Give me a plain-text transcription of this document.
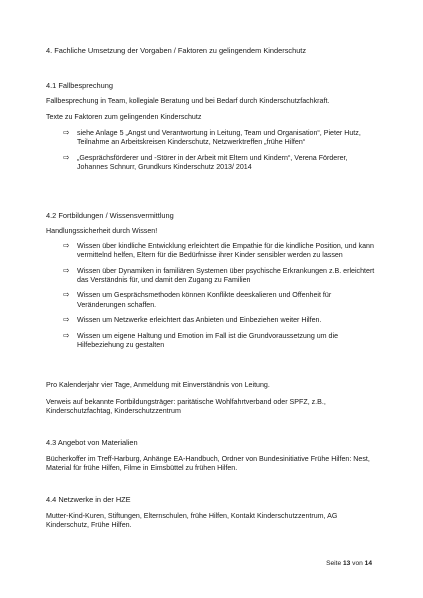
4. Fachliche Umsetzung der Vorgaben / Faktoren zu gelingendem Kinderschutz
4.1 Fallbesprechung

Fallbesprechung in Team, kollegiale Beratung und bei Bedarf durch Kinderschutzfachkraft.

Texte zu Faktoren zum gelingenden Kinderschutz

⇨ siehe Anlage 5 „Angst und Verantwortung in Leitung, Team und Organisation“, Pieter Hutz, Teilnahme an Arbeitskreisen Kinderschutz, Netzwerktreffen „frühe Hilfen“
⇨ „Gesprächsförderer und -Störer in der Arbeit mit Eltern und Kindern“, Verena Förderer, Johannes Schnurr, Grundkurs Kinderschutz 2013/ 2014
4.2 Fortbildungen / Wissensvermittlung

Handlungssicherheit durch Wissen!

⇨ Wissen über kindliche Entwicklung erleichtert die Empathie für die kindliche Position, und kann vermittelnd helfen, Eltern für die Bedürfnisse ihrer Kinder sensibler werden zu lassen
⇨ Wissen über Dynamiken in familiären Systemen über psychische Erkrankungen z.B. erleichtert das Verständnis für, und damit den Zugang zu Familien
⇨ Wissen um Gesprächsmethoden können Konflikte deeskalieren und Offenheit für Veränderungen schaffen.
⇨ Wissen um Netzwerke erleichtert das Anbieten und Einbeziehen weiter Hilfen.
⇨ Wissen um eigene Haltung und Emotion im Fall ist die Grundvoraussetzung um die Hilfebeziehung zu gestalten

Pro Kalenderjahr vier Tage, Anmeldung mit Einverständnis von Leitung.

Verweis auf bekannte Fortbildungsträger: paritätische Wohlfahrtverband oder SPFZ, z.B., Kinderschutzfachtag, Kinderschutzzentrum

4.3 Angebot von Materialien

Bücherkoffer im Treff-Harburg, Anhänge EA-Handbuch, Ordner von Bundesinitiative Frühe Hilfen: Nest, Material für frühe Hilfen, Filme in Eimsbüttel zu frühen Hilfen.

4.4 Netzwerke in der HZE

Mutter-Kind-Kuren, Stiftungen, Elternschulen, frühe Hilfen, Kontakt Kinderschutzzentrum, AG Kinderschutz, Frühe Hilfen.

Seite 13 von 14
